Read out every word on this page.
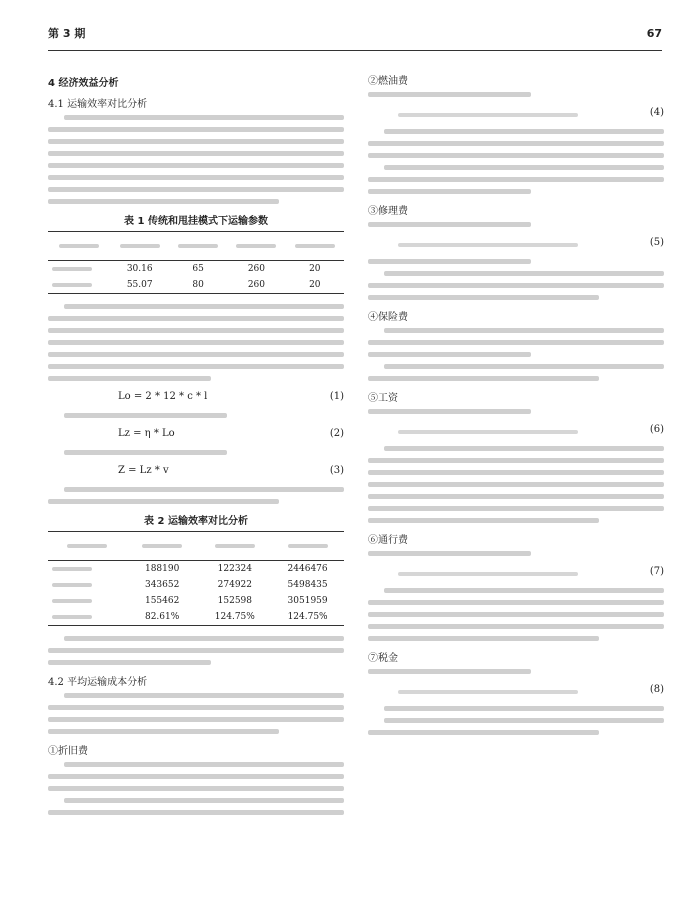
第 3 期	67
4 经济效益分析
4.1 运输效率对比分析
表 1 传统和甩挂模式下运输参数

	30.16	65	260	20
	55.07	80	260	20
Lo = 2 * 12 * c * l	(1)
Lz = η * Lo	(2)
Z = Lz * v	(3)
表 2 运输效率对比分析

	188190	122324	2446476
	343652	274922	5498435
	155462	152598	3051959
	82.61%	124.75%	124.75%
4.2 平均运输成本分析
①折旧费
②燃油费
(4)
③修理费
(5)
④保险费
⑤工资
(6)
⑥通行费
(7)
⑦税金
(8)
